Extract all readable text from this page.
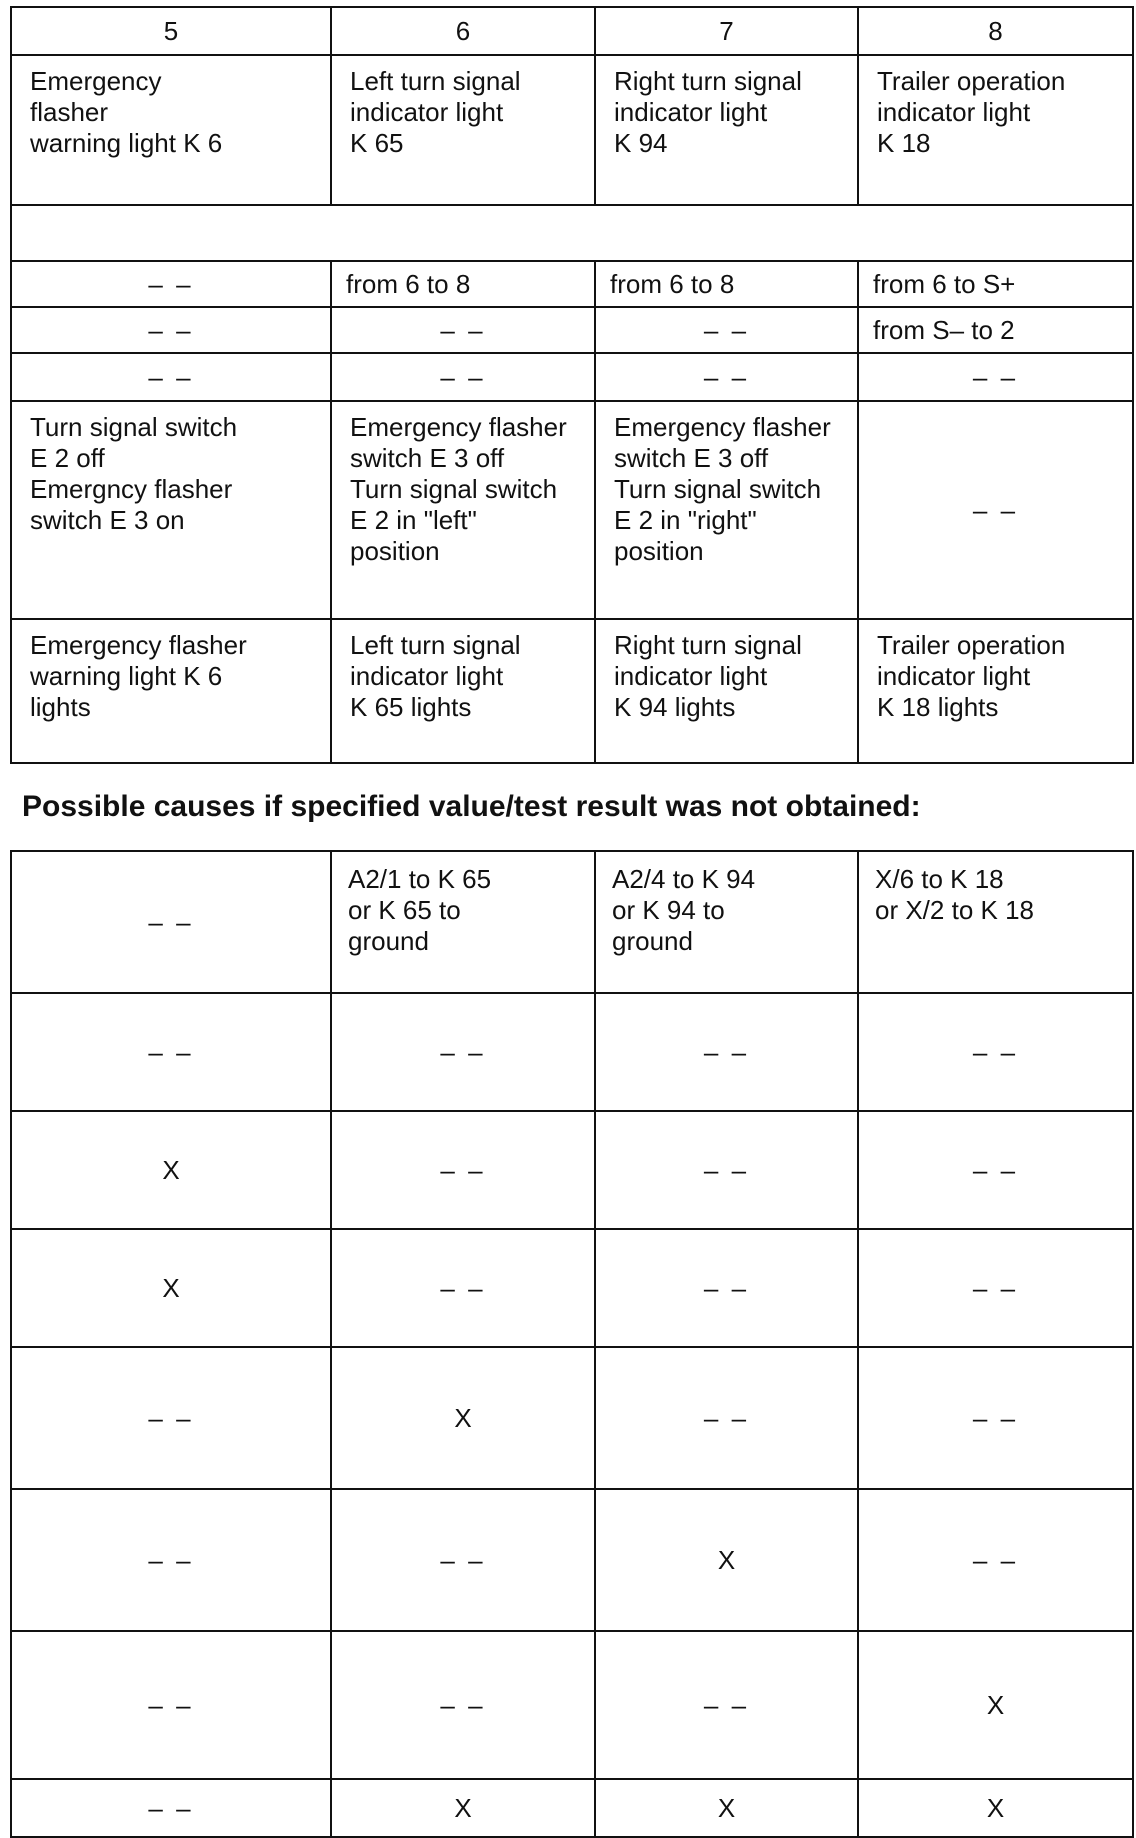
5	6	7	8
Emergency
flasher
warning light K 6	Left turn signal
indicator light
K 65	Right turn signal
indicator light
K 94	Trailer operation
indicator light
K 18

– –	from 6 to 8	from 6 to 8	from 6 to S+
– –	– –	– –	from S– to 2
– –	– –	– –	– –
Turn signal switch
E 2 off
Emergncy flasher
switch E 3 on	Emergency flasher
switch E 3 off
Turn signal switch
E 2 in "left"
position	Emergency flasher
switch E 3 off
Turn signal switch
E 2 in "right"
position	– –
Emergency flasher
warning light K 6
lights	Left turn signal
indicator light
K 65 lights	Right turn signal
indicator light
K 94 lights	Trailer operation
indicator light
K 18 lights
Possible causes if specified value/test result was not obtained:
– –	A2/1 to K 65
or K 65 to
ground	A2/4 to K 94
or K 94 to
ground	X/6 to K 18
or X/2 to K 18
– –	– –	– –	– –
X	– –	– –	– –
X	– –	– –	– –
– –	X	– –	– –
– –	– –	X	– –
– –	– –	– –	X
– –	X	X	X
